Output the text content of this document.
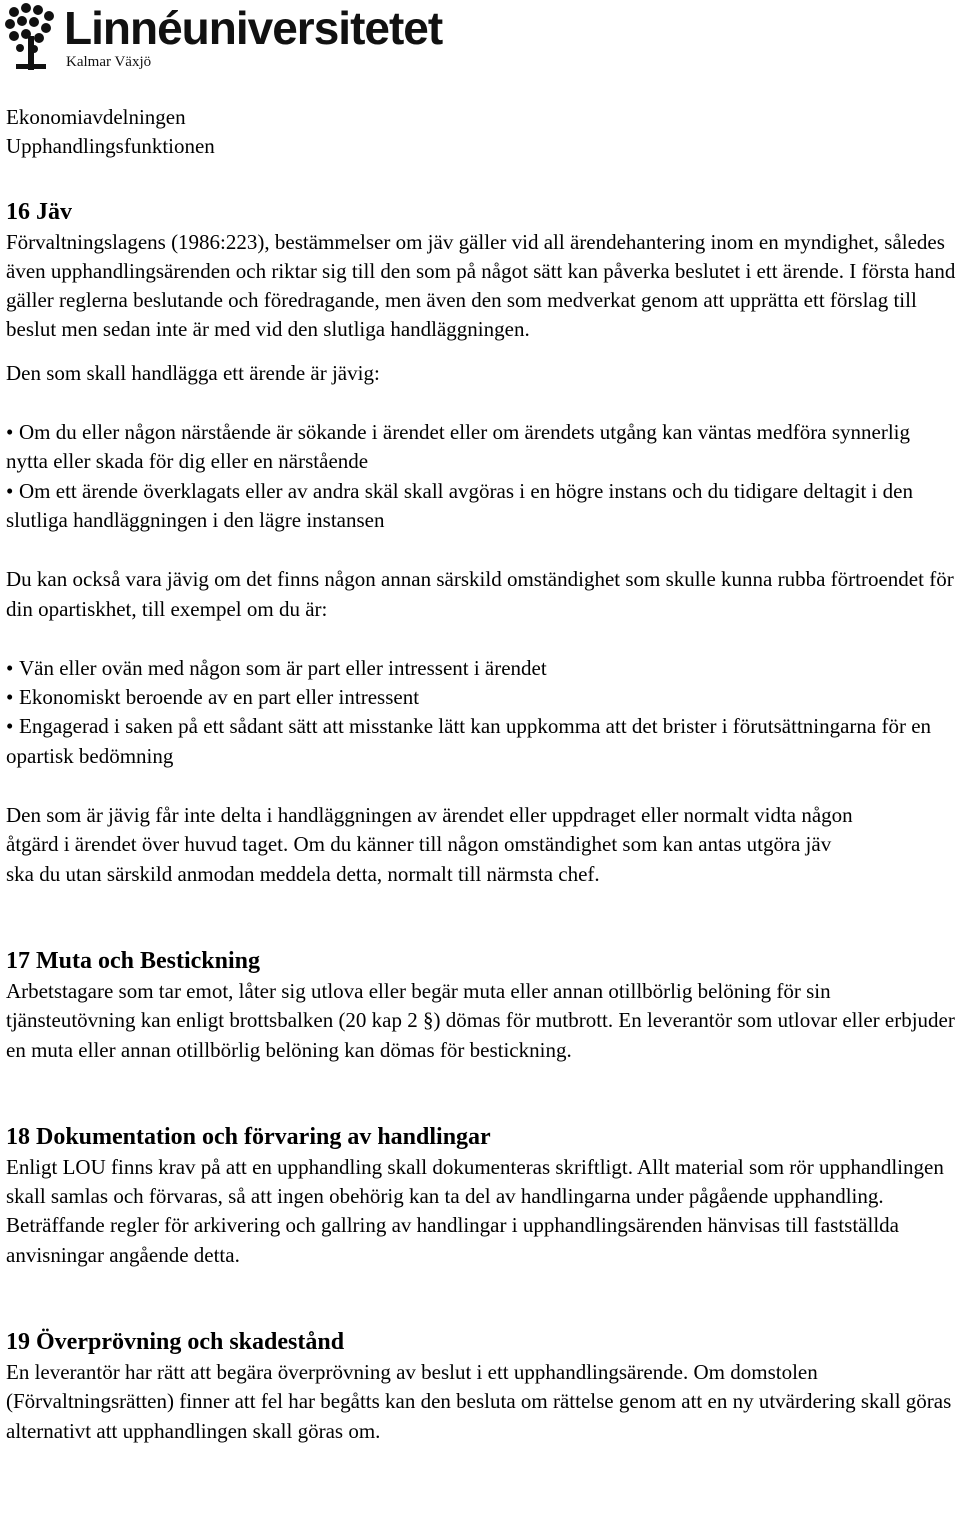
Linnéuniversitetet
Kalmar Växjö

Ekonomiavdelningen

Upphandlingsfunktionen

16 Jäv

Förvaltningslagens (1986:223), bestämmelser om jäv gäller vid all ärendehantering inom en myndighet, således även upphandlingsärenden och riktar sig till den som på något sätt kan påverka beslutet i ett ärende. I första hand gäller reglerna beslutande och föredragande, men även den som medverkat genom att upprätta ett förslag till beslut men sedan inte är med vid den slutliga handläggningen.

Den som skall handlägga ett ärende är jävig:

• Om du eller någon närstående är sökande i ärendet eller om ärendets utgång kan väntas medföra synnerlig nytta eller skada för dig eller en närstående
• Om ett ärende överklagats eller av andra skäl skall avgöras i en högre instans och du tidigare deltagit i den slutliga handläggningen i den lägre instansen

Du kan också vara jävig om det finns någon annan särskild omständighet som skulle kunna rubba förtroendet för din opartiskhet, till exempel om du är:

• Vän eller ovän med någon som är part eller intressent i ärendet
• Ekonomiskt beroende av en part eller intressent
• Engagerad i saken på ett sådant sätt att misstanke lätt kan uppkomma att det brister i förutsättningarna för en opartisk bedömning

Den som är jävig får inte delta i handläggningen av ärendet eller uppdraget eller normalt vidta någon åtgärd i ärendet över huvud taget. Om du känner till någon omständighet som kan antas utgöra jäv ska du utan särskild anmodan meddela detta, normalt till närmsta chef.

17 Muta och Bestickning

Arbetstagare som tar emot, låter sig utlova eller begär muta eller annan otillbörlig belöning för sin tjänsteutövning kan enligt brottsbalken (20 kap 2 §) dömas för mutbrott. En leverantör som utlovar eller erbjuder en muta eller annan otillbörlig belöning kan dömas för bestickning.

18 Dokumentation och förvaring av handlingar

Enligt LOU finns krav på att en upphandling skall dokumenteras skriftligt. Allt material som rör upphandlingen skall samlas och förvaras, så att ingen obehörig kan ta del av handlingarna under pågående upphandling. Beträffande regler för arkivering och gallring av handlingar i upphandlingsärenden hänvisas till fastställda anvisningar angående detta.

19 Överprövning och skadestånd

En leverantör har rätt att begära överprövning av beslut i ett upphandlingsärende. Om domstolen (Förvaltningsrätten) finner att fel har begåtts kan den besluta om rättelse genom att en ny utvärdering skall göras alternativt att upphandlingen skall göras om.
